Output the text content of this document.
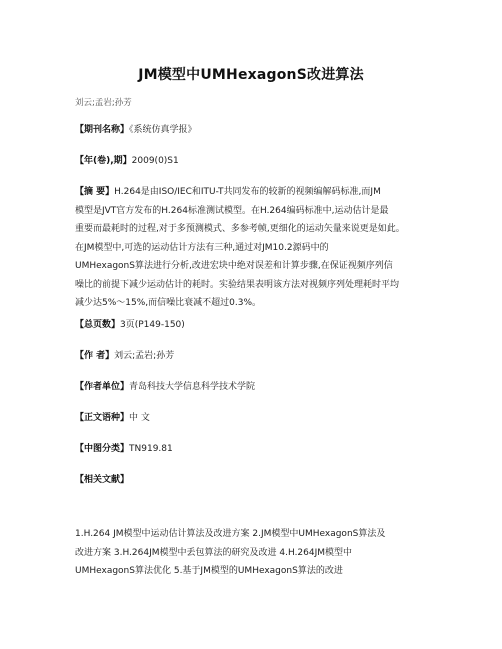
JM模型中UMHexagonS改进算法
刘云;孟岩;孙芳
【期刊名称】《系统仿真学报》
【年(卷),期】2009(0)S1
【摘 要】H.264是由ISO/IEC和ITU-T共同发布的较新的视频编解码标准,而JM
模型是JVT官方发布的H.264标准测试模型。在H.264编码标准中,运动估计是最
重要而最耗时的过程,对于多预测模式、多参考帧,更细化的运动矢量来说更是如此。
在JM模型中,可选的运动估计方法有三种,通过对JM10.2源码中的
UMHexagonS算法进行分析,改进宏块中绝对误差和计算步骤,在保证视频序列信
噪比的前提下减少运动估计的耗时。实验结果表明该方法对视频序列处理耗时平均
减少达5%～15%,而信噪比衰减不超过0.3%。
【总页数】3页(P149-150)
【作 者】刘云;孟岩;孙芳
【作者单位】青岛科技大学信息科学技术学院
【正文语种】中 文
【中图分类】TN919.81
【相关文献】
1.H.264 JM模型中运动估计算法及改进方案 2.JM模型中UMHexagonS算法及
改进方案 3.H.264JM模型中丢包算法的研究及改进 4.H.264JM模型中
UMHexagonS算法优化 5.基于JM模型的UMHexagonS算法的改进
